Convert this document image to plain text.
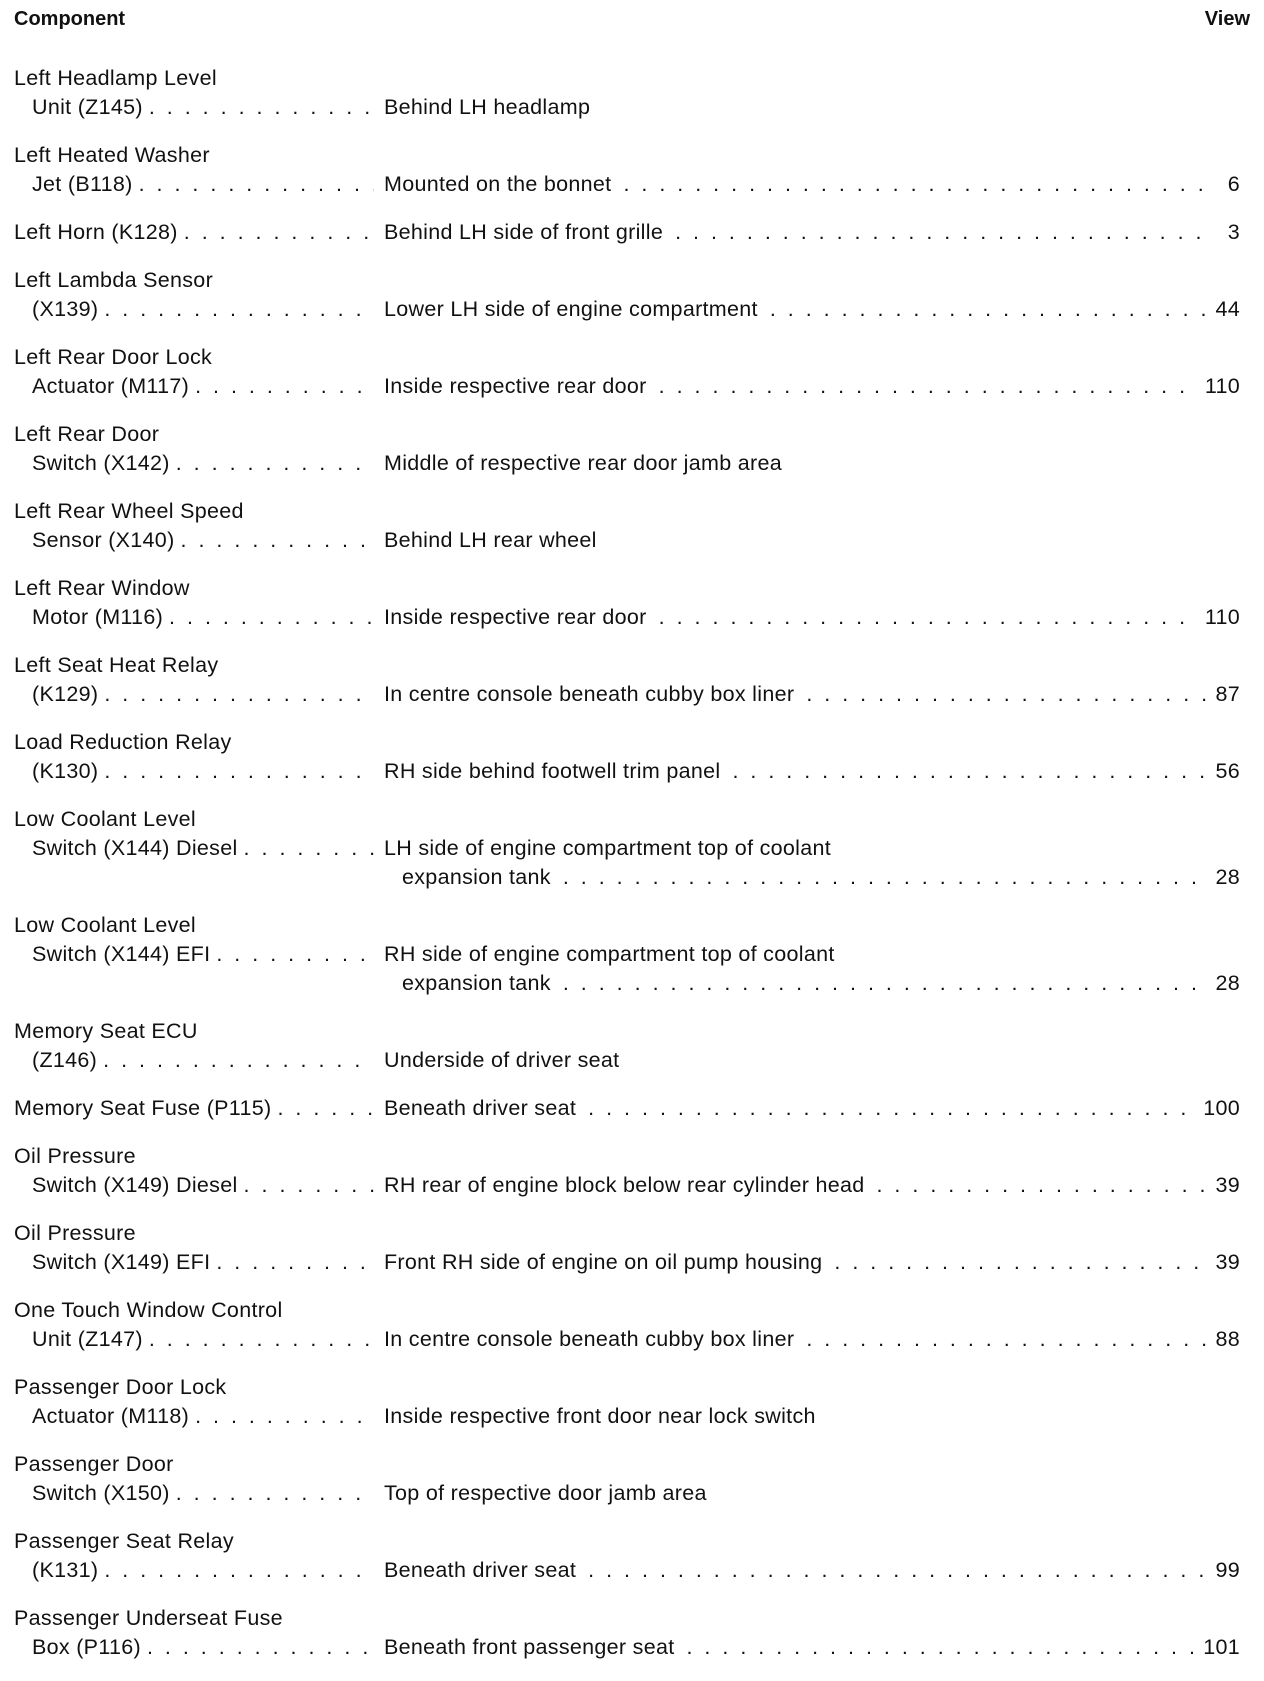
Component	View
Left Headlamp Level
Unit (Z145) . . .	Behind LH headlamp
Left Heated Washer
Jet (B118) . . .	Mounted on the bonnet . . .	6
Left Horn (K128) . . .	Behind LH side of front grille . . .	3
Left Lambda Sensor
(X139) . . .	Lower LH side of engine compartment . . .	44
Left Rear Door Lock
Actuator (M117) . . .	Inside respective rear door . . .	110
Left Rear Door
Switch (X142) . . .	Middle of respective rear door jamb area
Left Rear Wheel Speed
Sensor (X140) . . .	Behind LH rear wheel
Left Rear Window
Motor (M116) . . .	Inside respective rear door . . .	110
Left Seat Heat Relay
(K129) . . .	In centre console beneath cubby box liner . . .	87
Load Reduction Relay
(K130) . . .	RH side behind footwell trim panel . . .	56
Low Coolant Level
Switch (X144) Diesel . . .	LH side of engine compartment top of coolant
expansion tank . . .	28
Low Coolant Level
Switch (X144) EFI . . .	RH side of engine compartment top of coolant
expansion tank . . .	28
Memory Seat ECU
(Z146) . . .	Underside of driver seat
Memory Seat Fuse (P115) . . .	Beneath driver seat . . .	100
Oil Pressure
Switch (X149) Diesel . . .	RH rear of engine block below rear cylinder head . . .	39
Oil Pressure
Switch (X149) EFI . . .	Front RH side of engine on oil pump housing . . .	39
One Touch Window Control
Unit (Z147) . . .	In centre console beneath cubby box liner . . .	88
Passenger Door Lock
Actuator (M118) . . .	Inside respective front door near lock switch
Passenger Door
Switch (X150) . . .	Top of respective door jamb area
Passenger Seat Relay
(K131) . . .	Beneath driver seat . . .	99
Passenger Underseat Fuse
Box (P116) . . .	Beneath front passenger seat . . .	101
